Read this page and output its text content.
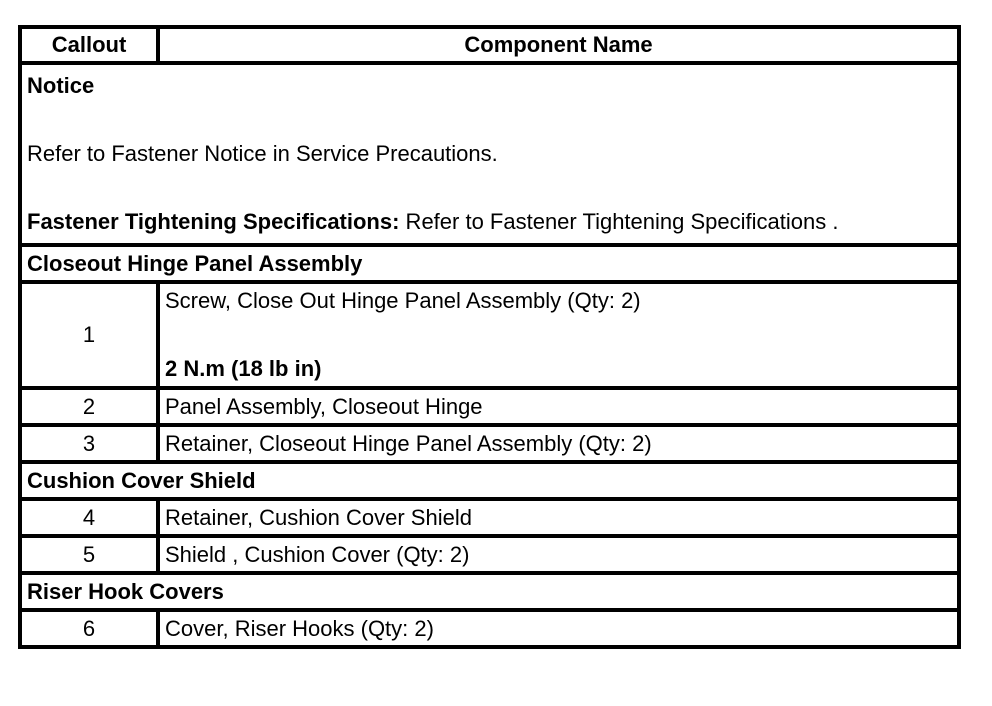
Callout	Component Name

Notice

Refer to Fastener Notice in Service Precautions.

Fastener Tightening Specifications: Refer to Fastener Tightening Specifications .	

Closeout Hinge Panel Assembly	
1	Screw, Close Out Hinge Panel Assembly (Qty: 2)

2 N.m (18 lb in)

2	Panel Assembly, Closeout Hinge
3	Retainer, Closeout Hinge Panel Assembly (Qty: 2)
Cushion Cover Shield	
4	Retainer, Cushion Cover Shield
5	Shield , Cushion Cover (Qty: 2)
Riser Hook Covers	
6	Cover, Riser Hooks (Qty: 2)
